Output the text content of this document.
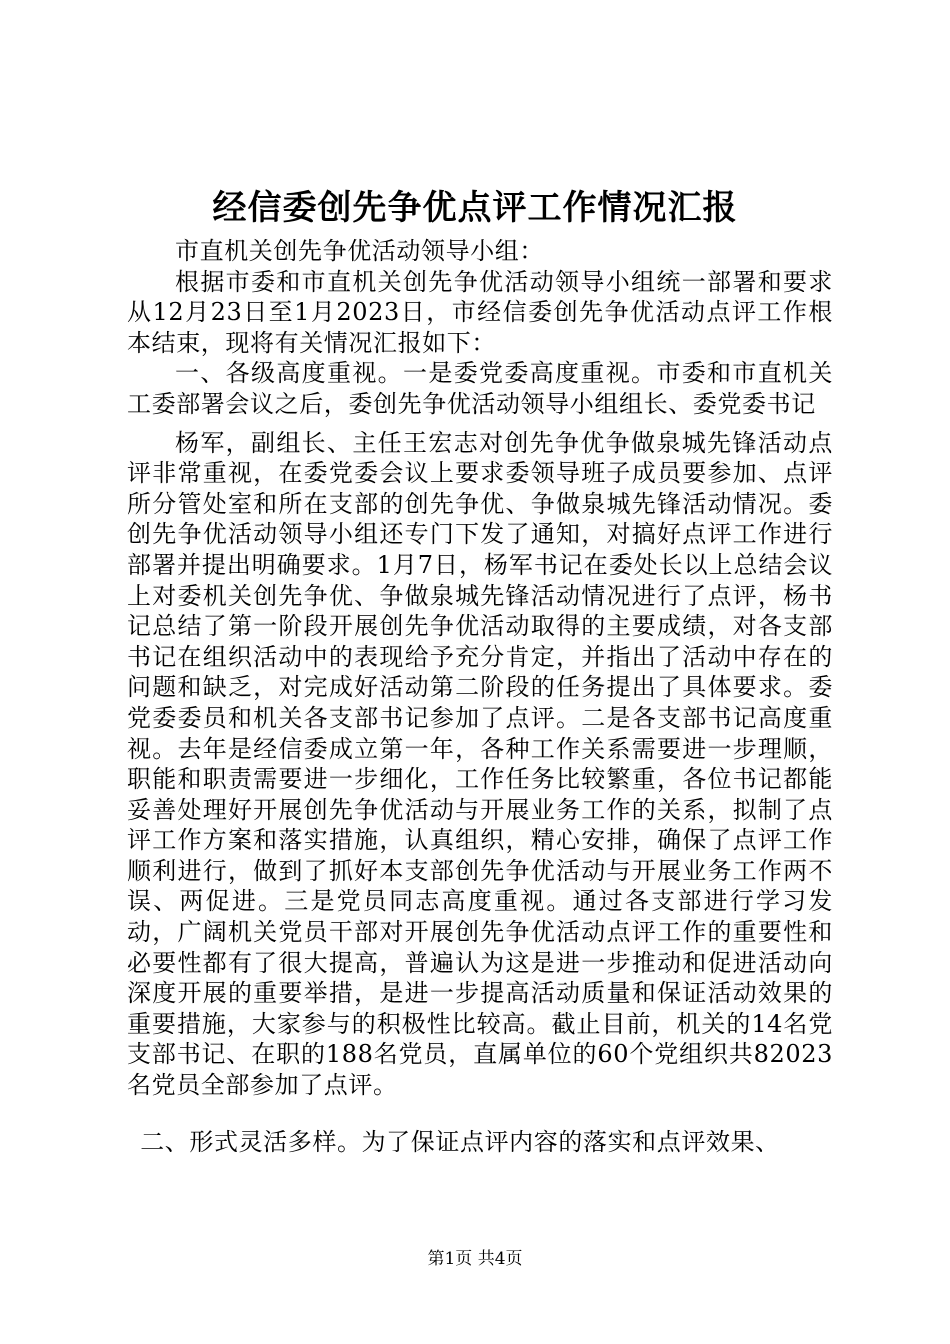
经信委创先争优点评工作情况汇报

市直机关创先争优活动领导小组：

根据市委和市直机关创先争优活动领导小组统一部署和要求从12月23日至1月2023日，市经信委创先争优活动点评工作根本结束，现将有关情况汇报如下：

一、各级高度重视。一是委党委高度重视。市委和市直机关工委部署会议之后，委创先争优活动领导小组组长、委党委书记

杨军，副组长、主任王宏志对创先争优争做泉城先锋活动点评非常重视，在委党委会议上要求委领导班子成员要参加、点评所分管处室和所在支部的创先争优、争做泉城先锋活动情况。委创先争优活动领导小组还专门下发了通知，对搞好点评工作进行部署并提出明确要求。1月7日，杨军书记在委处长以上总结会议上对委机关创先争优、争做泉城先锋活动情况进行了点评，杨书记总结了第一阶段开展创先争优活动取得的主要成绩，对各支部书记在组织活动中的表现给予充分肯定，并指出了活动中存在的问题和缺乏，对完成好活动第二阶段的任务提出了具体要求。委党委委员和机关各支部书记参加了点评。二是各支部书记高度重视。去年是经信委成立第一年，各种工作关系需要进一步理顺，职能和职责需要进一步细化，工作任务比较繁重，各位书记都能妥善处理好开展创先争优活动与开展业务工作的关系，拟制了点评工作方案和落实措施，认真组织，精心安排，确保了点评工作顺利进行，做到了抓好本支部创先争优活动与开展业务工作两不误、两促进。三是党员同志高度重视。通过各支部进行学习发动，广阔机关党员干部对开展创先争优活动点评工作的重要性和必要性都有了很大提高，普遍认为这是进一步推动和促进活动向深度开展的重要举措，是进一步提高活动质量和保证活动效果的重要措施，大家参与的积极性比较高。截止目前，机关的14名党支部书记、在职的188名党员，直属单位的60个党组织共82023名党员全部参加了点评。

二、形式灵活多样。为了保证点评内容的落实和点评效果、

第1页 共4页
